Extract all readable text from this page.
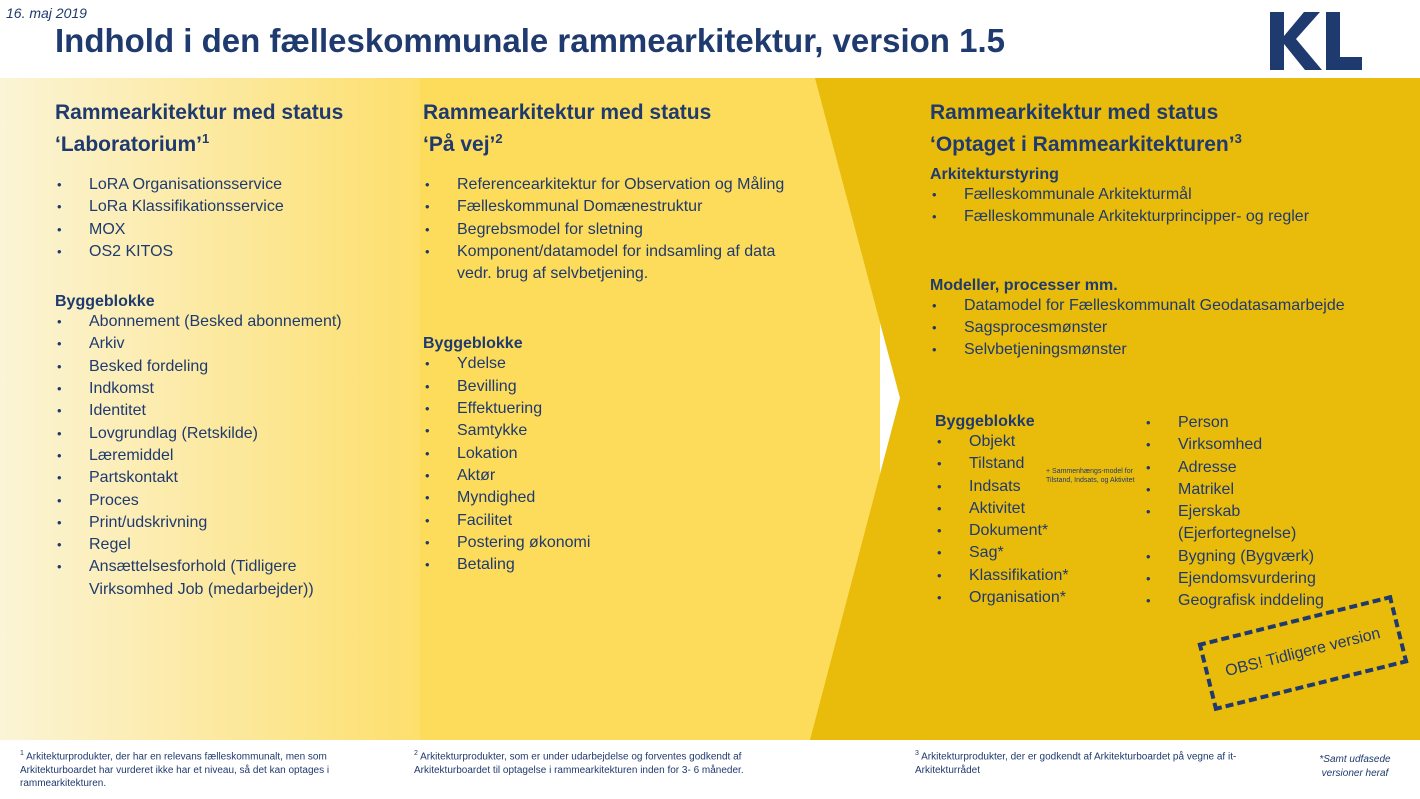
16. maj 2019
Indhold i den fælleskommunale rammearkitektur, version 1.5
Rammearkitektur med status
‘Laboratorium’$^1$
• LoRA Organisationsservice
• LoRa Klassifikationsservice
• MOX
• OS2 KITOS
Byggeblokke
• Abonnement (Besked abonnement)
• Arkiv
• Besked fordeling
• Indkomst
• Identitet
• Lovgrundlag (Retskilde)
• Læremiddel
• Partskontakt
• Proces
• Print/udskrivning
• Regel
• Ansættelsesforhold (Tidligere
Virksomhed Job (medarbejder))
Rammearkitektur med status
‘På vej’$^2$
• Referencearkitektur for Observation og Måling
• Fælleskommunal Domænestruktur
• Begrebsmodel for sletning
• Komponent/datamodel for indsamling af data
vedr. brug af selvbetjening.
Byggeblokke
• Ydelse
• Bevilling
• Effektuering
• Samtykke
• Lokation
• Aktør
• Myndighed
• Facilitet
• Postering økonomi
• Betaling
Rammearkitektur med status
‘Optaget i Rammearkitekturen’$^3$
Arkitekturstyring
• Fælleskommunale Arkitekturmål
• Fælleskommunale Arkitekturprincipper- og regler
Modeller, processer mm.
• Datamodel for Fælleskommunalt Geodatasamarbejde
• Sagsprocesmønster
• Selvbetjeningsmønster
Byggeblokke
• Objekt
• Tilstand
• Indsats
• Aktivitet
• Dokument*
• Sag*
• Klassifikation*
• Organisation*
• Person
• Virksomhed
• Adresse
• Matrikel
• Ejerskab
(Ejerfortegnelse)
• Bygning (Bygværk)
• Ejendomsvurdering
• Geografisk inddeling
+ Sammenhængs-model for Tilstand, Indsats, og Aktivitet
OBS! Tidligere version
$^1$ Arkitekturprodukter, der har en relevans fælleskommunalt, men som Arkitekturboardet har vurderet ikke har et niveau, så det kan optages i rammearkitekturen.
$^2$ Arkitekturprodukter, som er under udarbejdelse og forventes godkendt af Arkitekturboardet til optagelse i rammearkitekturen inden for 3- 6 måneder.
$^3$ Arkitekturprodukter, der er godkendt af Arkitekturboardet på vegne af it-Arkitekturrådet
*Samt udfasede versioner heraf
